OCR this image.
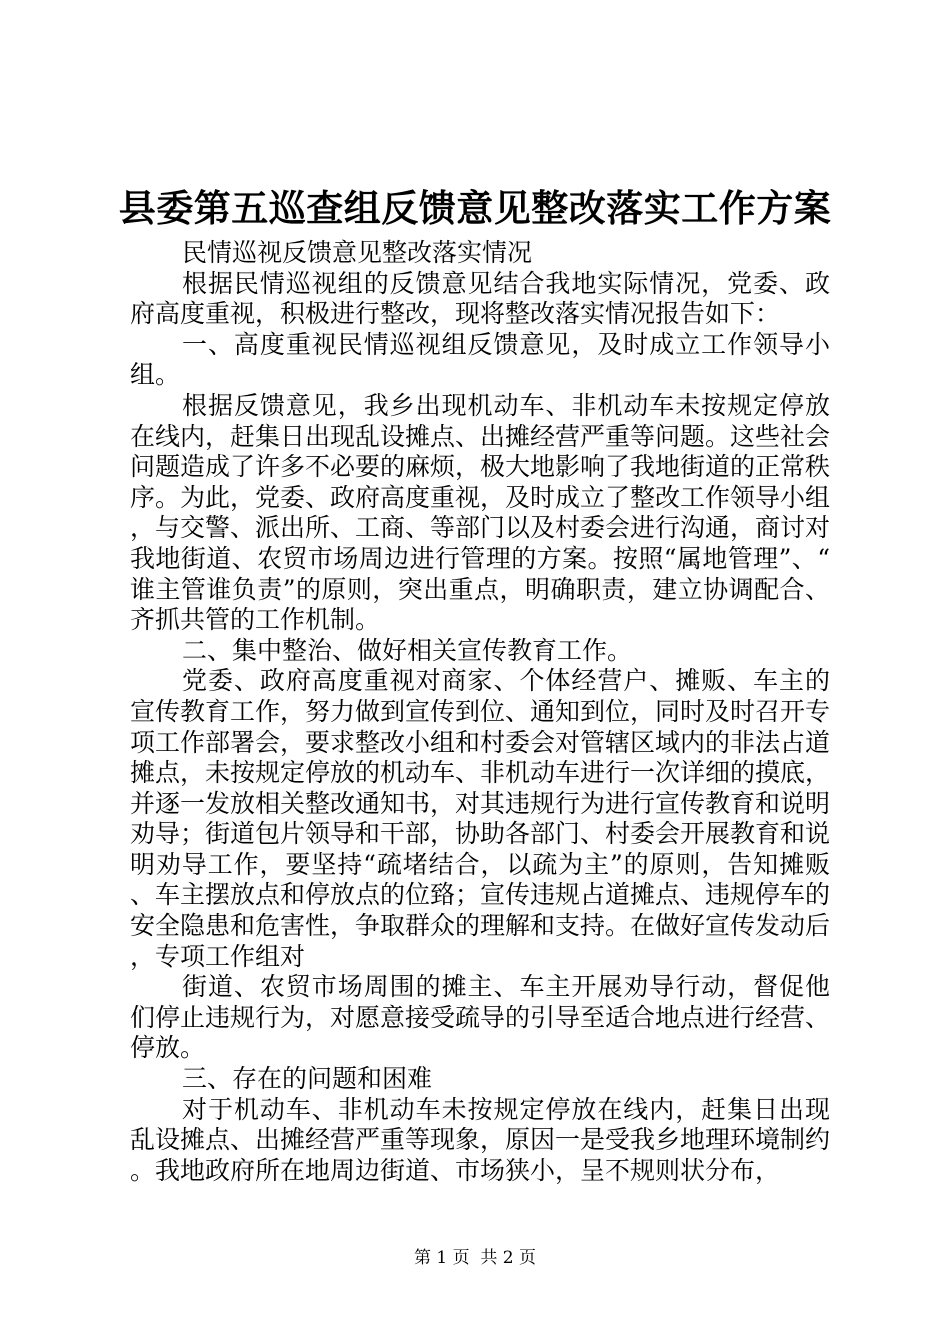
县委第五巡查组反馈意见整改落实工作方案

民情巡视反馈意见整改落实情况

根据民情巡视组的反馈意见结合我地实际情况，党委、政府高度重视，积极进行整改，现将整改落实情况报告如下：

一、高度重视民情巡视组反馈意见，及时成立工作领导小组。

根据反馈意见，我乡出现机动车、非机动车未按规定停放在线内，赶集日出现乱设摊点、出摊经营严重等问题。这些社会问题造成了许多不必要的麻烦，极大地影响了我地街道的正常秩序。为此，党委、政府高度重视，及时成立了整改工作领导小组，与交警、派出所、工商、等部门以及村委会进行沟通，商讨对我地街道、农贸市场周边进行管理的方案。按照“属地管理”、“谁主管谁负责”的原则，突出重点，明确职责，建立协调配合、齐抓共管的工作机制。

二、集中整治、做好相关宣传教育工作。

党委、政府高度重视对商家、个体经营户、摊贩、车主的宣传教育工作，努力做到宣传到位、通知到位，同时及时召开专项工作部署会，要求整改小组和村委会对管辖区域内的非法占道摊点，未按规定停放的机动车、非机动车进行一次详细的摸底，并逐一发放相关整改通知书，对其违规行为进行宣传教育和说明劝导；街道包片领导和干部，协助各部门、村委会开展教育和说明劝导工作，要坚持“疏堵结合，以疏为主”的原则，告知摊贩、车主摆放点和停放点的位臵；宣传违规占道摊点、违规停车的安全隐患和危害性，争取群众的理解和支持。在做好宣传发动后，专项工作组对

街道、农贸市场周围的摊主、车主开展劝导行动，督促他们停止违规行为，对愿意接受疏导的引导至适合地点进行经营、停放。

三、存在的问题和困难

对于机动车、非机动车未按规定停放在线内，赶集日出现乱设摊点、出摊经营严重等现象，原因一是受我乡地理环境制约。我地政府所在地周边街道、市场狭小，呈不规则状分布，

第 1 页  共 2 页
